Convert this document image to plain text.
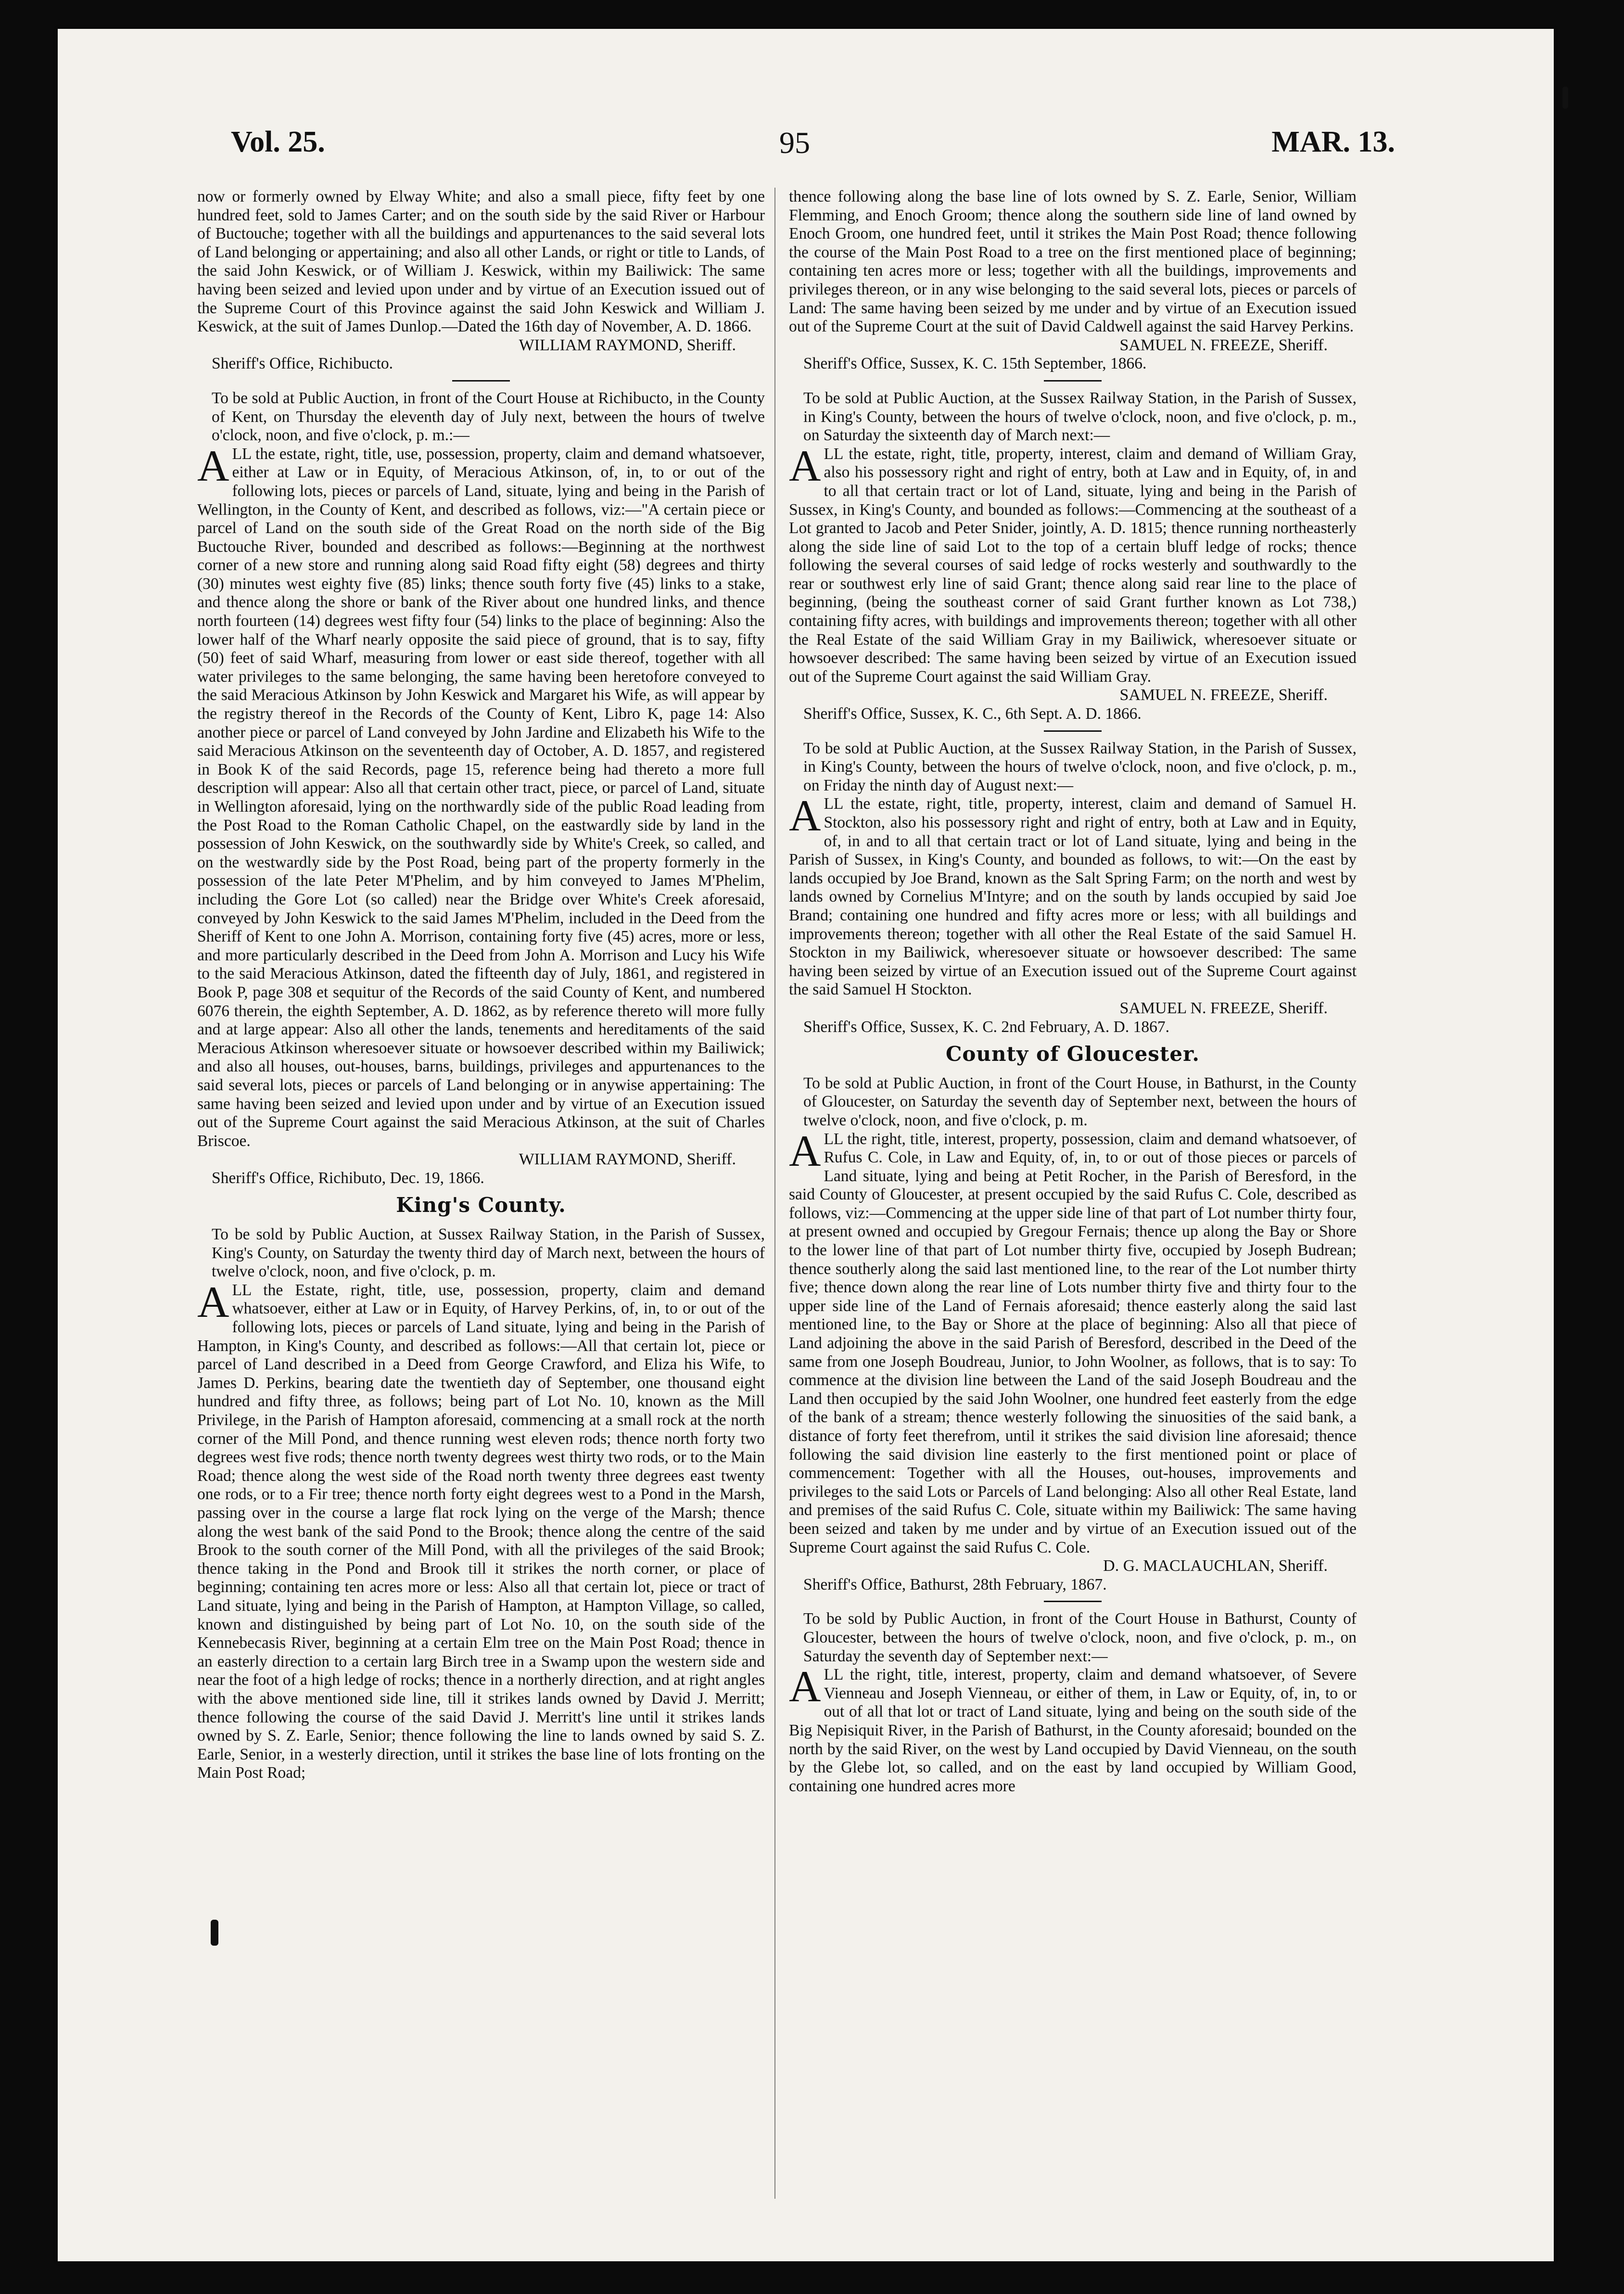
Vol. 25.	95	MAR. 13.

now or formerly owned by Elway White; and also a small piece, fifty feet by one hundred feet, sold to James Carter; and on the south side by the said River or Harbour of Buctouche; together with all the buildings and appurtenances to the said several lots of Land belonging or appertaining; and also all other Lands, or right or title to Lands, of the said John Keswick, or of William J. Keswick, within my Bailiwick: The same having been seized and levied upon under and by virtue of an Execution issued out of the Supreme Court of this Province against the said John Keswick and William J. Keswick, at the suit of James Dunlop.—Dated the 16th day of November, A. D. 1866.

WILLIAM RAYMOND, Sheriff.

Sheriff's Office, Richibucto.

To be sold at Public Auction, in front of the Court House at Richibucto, in the County of Kent, on Thursday the eleventh day of July next, between the hours of twelve o'clock, noon, and five o'clock, p. m.:—

ALL the estate, right, title, use, possession, property, claim and demand whatsoever, either at Law or in Equity, of Meracious Atkinson, of, in, to or out of the following lots, pieces or parcels of Land, situate, lying and being in the Parish of Wellington, in the County of Kent, and described as follows, viz:—"A certain piece or parcel of Land on the south side of the Great Road on the north side of the Big Buctouche River, bounded and described as follows:—Beginning at the northwest corner of a new store and running along said Road fifty eight (58) degrees and thirty (30) minutes west eighty five (85) links; thence south forty five (45) links to a stake, and thence along the shore or bank of the River about one hundred links, and thence north fourteen (14) degrees west fifty four (54) links to the place of beginning: Also the lower half of the Wharf nearly opposite the said piece of ground, that is to say, fifty (50) feet of said Wharf, measuring from lower or east side thereof, together with all water privileges to the same belonging, the same having been heretofore conveyed to the said Meracious Atkinson by John Keswick and Margaret his Wife, as will appear by the registry thereof in the Records of the County of Kent, Libro K, page 14: Also another piece or parcel of Land conveyed by John Jardine and Elizabeth his Wife to the said Meracious Atkinson on the seventeenth day of October, A. D. 1857, and registered in Book K of the said Records, page 15, reference being had thereto a more full description will appear: Also all that certain other tract, piece, or parcel of Land, situate in Wellington aforesaid, lying on the northwardly side of the public Road leading from the Post Road to the Roman Catholic Chapel, on the eastwardly side by land in the possession of John Keswick, on the southwardly side by White's Creek, so called, and on the westwardly side by the Post Road, being part of the property formerly in the possession of the late Peter M'Phelim, and by him conveyed to James M'Phelim, including the Gore Lot (so called) near the Bridge over White's Creek aforesaid, conveyed by John Keswick to the said James M'Phelim, included in the Deed from the Sheriff of Kent to one John A. Morrison, containing forty five (45) acres, more or less, and more particularly described in the Deed from John A. Morrison and Lucy his Wife to the said Meracious Atkinson, dated the fifteenth day of July, 1861, and registered in Book P, page 308 et sequitur of the Records of the said County of Kent, and numbered 6076 therein, the eighth September, A. D. 1862, as by reference thereto will more fully and at large appear: Also all other the lands, tenements and hereditaments of the said Meracious Atkinson wheresoever situate or howsoever described within my Bailiwick; and also all houses, out-houses, barns, buildings, privileges and appurtenances to the said several lots, pieces or parcels of Land belonging or in anywise appertaining: The same having been seized and levied upon under and by virtue of an Execution issued out of the Supreme Court against the said Meracious Atkinson, at the suit of Charles Briscoe.

WILLIAM RAYMOND, Sheriff.

Sheriff's Office, Richibuto, Dec. 19, 1866.

King's County.

To be sold by Public Auction, at Sussex Railway Station, in the Parish of Sussex, King's County, on Saturday the twenty third day of March next, between the hours of twelve o'clock, noon, and five o'clock, p. m.

ALL the Estate, right, title, use, possession, property, claim and demand whatsoever, either at Law or in Equity, of Harvey Perkins, of, in, to or out of the following lots, pieces or parcels of Land situate, lying and being in the Parish of Hampton, in King's County, and described as follows:—All that certain lot, piece or parcel of Land described in a Deed from George Crawford, and Eliza his Wife, to James D. Perkins, bearing date the twentieth day of September, one thousand eight hundred and fifty three, as follows; being part of Lot No. 10, known as the Mill Privilege, in the Parish of Hampton aforesaid, commencing at a small rock at the north corner of the Mill Pond, and thence running west eleven rods; thence north forty two degrees west five rods; thence north twenty degrees west thirty two rods, or to the Main Road; thence along the west side of the Road north twenty three degrees east twenty one rods, or to a Fir tree; thence north forty eight degrees west to a Pond in the Marsh, passing over in the course a large flat rock lying on the verge of the Marsh; thence along the west bank of the said Pond to the Brook; thence along the centre of the said Brook to the south corner of the Mill Pond, with all the privileges of the said Brook; thence taking in the Pond and Brook till it strikes the north corner, or place of beginning; containing ten acres more or less: Also all that certain lot, piece or tract of Land situate, lying and being in the Parish of Hampton, at Hampton Village, so called, known and distinguished by being part of Lot No. 10, on the south side of the Kennebecasis River, beginning at a certain Elm tree on the Main Post Road; thence in an easterly direction to a certain larg Birch tree in a Swamp upon the western side and near the foot of a high ledge of rocks; thence in a northerly direction, and at right angles with the above mentioned side line, till it strikes lands owned by David J. Merritt; thence following the course of the said David J. Merritt's line until it strikes lands owned by S. Z. Earle, Senior; thence following the line to lands owned by said S. Z. Earle, Senior, in a westerly direction, until it strikes the base line of lots fronting on the Main Post Road;

thence following along the base line of lots owned by S. Z. Earle, Senior, William Flemming, and Enoch Groom; thence along the southern side line of land owned by Enoch Groom, one hundred feet, until it strikes the Main Post Road; thence following the course of the Main Post Road to a tree on the first mentioned place of beginning; containing ten acres more or less; together with all the buildings, improvements and privileges thereon, or in any wise belonging to the said several lots, pieces or parcels of Land: The same having been seized by me under and by virtue of an Execution issued out of the Supreme Court at the suit of David Caldwell against the said Harvey Perkins.

SAMUEL N. FREEZE, Sheriff.

Sheriff's Office, Sussex, K. C. 15th September, 1866.

To be sold at Public Auction, at the Sussex Railway Station, in the Parish of Sussex, in King's County, between the hours of twelve o'clock, noon, and five o'clock, p. m., on Saturday the sixteenth day of March next:—

ALL the estate, right, title, property, interest, claim and demand of William Gray, also his possessory right and right of entry, both at Law and in Equity, of, in and to all that certain tract or lot of Land, situate, lying and being in the Parish of Sussex, in King's County, and bounded as follows:—Commencing at the southeast of a Lot granted to Jacob and Peter Snider, jointly, A. D. 1815; thence running northeasterly along the side line of said Lot to the top of a certain bluff ledge of rocks; thence following the several courses of said ledge of rocks westerly and southwardly to the rear or southwest erly line of said Grant; thence along said rear line to the place of beginning, (being the southeast corner of said Grant further known as Lot 738,) containing fifty acres, with buildings and improvements thereon; together with all other the Real Estate of the said William Gray in my Bailiwick, wheresoever situate or howsoever described: The same having been seized by virtue of an Execution issued out of the Supreme Court against the said William Gray.

SAMUEL N. FREEZE, Sheriff.

Sheriff's Office, Sussex, K. C., 6th Sept. A. D. 1866.

To be sold at Public Auction, at the Sussex Railway Station, in the Parish of Sussex, in King's County, between the hours of twelve o'clock, noon, and five o'clock, p. m., on Friday the ninth day of August next:—

ALL the estate, right, title, property, interest, claim and demand of Samuel H. Stockton, also his possessory right and right of entry, both at Law and in Equity, of, in and to all that certain tract or lot of Land situate, lying and being in the Parish of Sussex, in King's County, and bounded as follows, to wit:—On the east by lands occupied by Joe Brand, known as the Salt Spring Farm; on the north and west by lands owned by Cornelius M'Intyre; and on the south by lands occupied by said Joe Brand; containing one hundred and fifty acres more or less; with all buildings and improvements thereon; together with all other the Real Estate of the said Samuel H. Stockton in my Bailiwick, wheresoever situate or howsoever described: The same having been seized by virtue of an Execution issued out of the Supreme Court against the said Samuel H Stockton.

SAMUEL N. FREEZE, Sheriff.

Sheriff's Office, Sussex, K. C. 2nd February, A. D. 1867.

County of Gloucester.

To be sold at Public Auction, in front of the Court House, in Bathurst, in the County of Gloucester, on Saturday the seventh day of September next, between the hours of twelve o'clock, noon, and five o'clock, p. m.

ALL the right, title, interest, property, possession, claim and demand whatsoever, of Rufus C. Cole, in Law and Equity, of, in, to or out of those pieces or parcels of Land situate, lying and being at Petit Rocher, in the Parish of Beresford, in the said County of Gloucester, at present occupied by the said Rufus C. Cole, described as follows, viz:—Commencing at the upper side line of that part of Lot number thirty four, at present owned and occupied by Gregour Fernais; thence up along the Bay or Shore to the lower line of that part of Lot number thirty five, occupied by Joseph Budrean; thence southerly along the said last mentioned line, to the rear of the Lot number thirty five; thence down along the rear line of Lots number thirty five and thirty four to the upper side line of the Land of Fernais aforesaid; thence easterly along the said last mentioned line, to the Bay or Shore at the place of beginning: Also all that piece of Land adjoining the above in the said Parish of Beresford, described in the Deed of the same from one Joseph Boudreau, Junior, to John Woolner, as follows, that is to say: To commence at the division line between the Land of the said Joseph Boudreau and the Land then occupied by the said John Woolner, one hundred feet easterly from the edge of the bank of a stream; thence westerly following the sinuosities of the said bank, a distance of forty feet therefrom, until it strikes the said division line aforesaid; thence following the said division line easterly to the first mentioned point or place of commencement: Together with all the Houses, out-houses, improvements and privileges to the said Lots or Parcels of Land belonging: Also all other Real Estate, land and premises of the said Rufus C. Cole, situate within my Bailiwick: The same having been seized and taken by me under and by virtue of an Execution issued out of the Supreme Court against the said Rufus C. Cole.

D. G. MACLAUCHLAN, Sheriff.

Sheriff's Office, Bathurst, 28th February, 1867.

To be sold by Public Auction, in front of the Court House in Bathurst, County of Gloucester, between the hours of twelve o'clock, noon, and five o'clock, p. m., on Saturday the seventh day of September next:—

ALL the right, title, interest, property, claim and demand whatsoever, of Severe Vienneau and Joseph Vienneau, or either of them, in Law or Equity, of, in, to or out of all that lot or tract of Land situate, lying and being on the south side of the Big Nepisiquit River, in the Parish of Bathurst, in the County aforesaid; bounded on the north by the said River, on the west by Land occupied by David Vienneau, on the south by the Glebe lot, so called, and on the east by land occupied by William Good, containing one hundred acres more
